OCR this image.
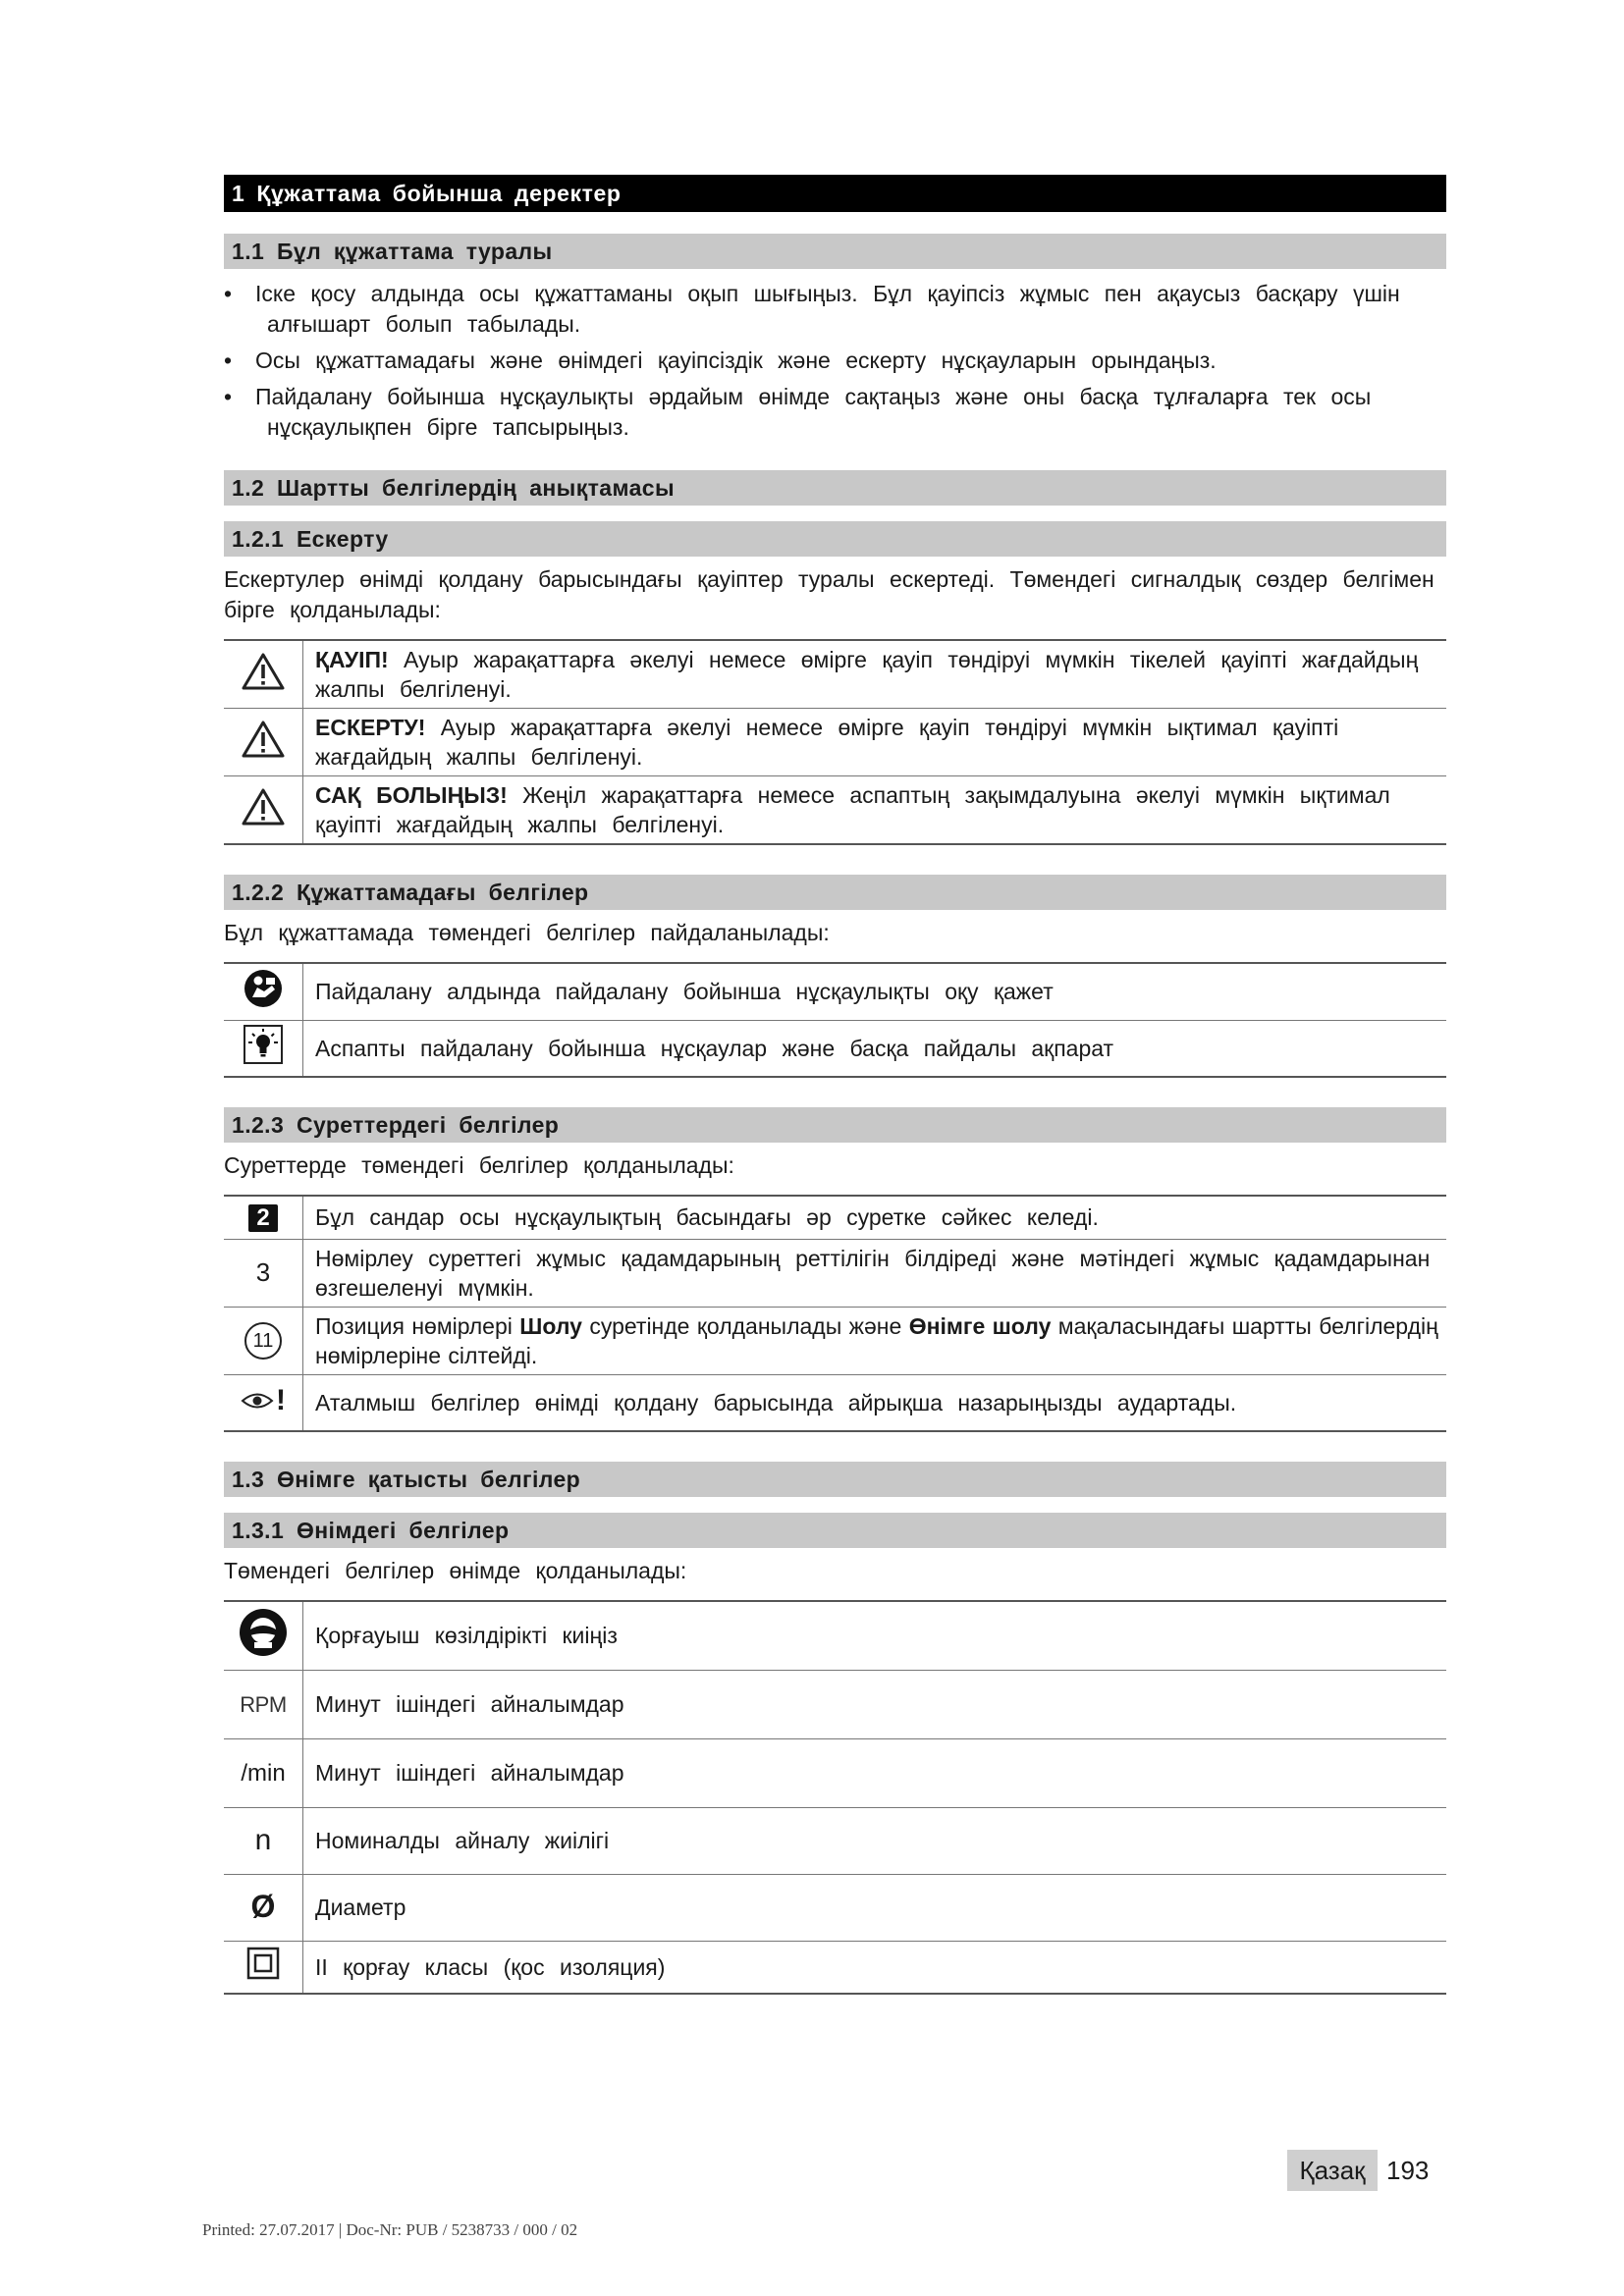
1 Құжаттама бойынша деректер
1.1 Бұл құжаттама туралы
• Іске қосу алдында осы құжаттаманы оқып шығыңыз. Бұл қауіпсіз жұмыс пен ақаусыз басқару үшін
алғышарт болып табылады.
• Осы құжаттамадағы және өнімдегі қауіпсіздік және ескерту нұсқауларын орындаңыз.
• Пайдалану бойынша нұсқаулықты әрдайым өнімде сақтаңыз және оны басқа тұлғаларға тек осы
нұсқаулықпен бірге тапсырыңыз.
1.2 Шартты белгілердің анықтамасы
1.2.1 Ескерту

Ескертулер өнімді қолдану барысындағы қауіптер туралы ескертеді. Төмендегі сигналдық сөздер белгімен бірге қолданылады:

	ҚАУІП! Ауыр жарақаттарға әкелуі немесе өмірге қауіп төндіруі мүмкін тікелей қауіпті жағдайдың жалпы белгіленуі.

	ЕСКЕРТУ! Ауыр жарақаттарға әкелуі немесе өмірге қауіп төндіруі мүмкін ықтимал қауіпті жағдайдың жалпы белгіленуі.

	САҚ БОЛЫҢЫЗ! Жеңіл жарақаттарға немесе аспаптың зақымдалуына әкелуі мүмкін ықтимал қауіпті жағдайдың жалпы белгіленуі.
1.2.2 Құжаттамадағы белгілер

Бұл құжаттамада төмендегі белгілер пайдаланылады:

	Пайдалану алдында пайдалану бойынша нұсқаулықты оқу қажет

	Аспапты пайдалану бойынша нұсқаулар және басқа пайдалы ақпарат
1.2.3 Суреттердегі белгілер

Суреттерде төмендегі белгілер қолданылады:

2	Бұл сандар осы нұсқаулықтың басындағы әр суретке сәйкес келеді.
3	Нөмірлеу суреттегі жұмыс қадамдарының реттілігін білдіреді және мәтіндегі жұмыс қадамдарынан өзгешеленуі мүмкін.
11	Позиция нөмірлері Шолу суретінде қолданылады және Өнімге шолу мақаласындағы шартты белгілердің нөмірлеріне сілтейді.

!	Аталмыш белгілер өнімді қолдану барысында айрықша назарыңызды аудартады.
1.3 Өнімге қатысты белгілер
1.3.1 Өнімдегі белгілер

Төмендегі белгілер өнімде қолданылады:

	Қорғауыш көзілдірікті киіңіз
RPM	Минут ішіндегі айналымдар
/min	Минут ішіндегі айналымдар
n	Номиналды айналу жиілігі
Ø	Диаметр

	II қорғау класы (қос изоляция)
Қазақ 193
Printed: 27.07.2017 | Doc-Nr: PUB / 5238733 / 000 / 02
